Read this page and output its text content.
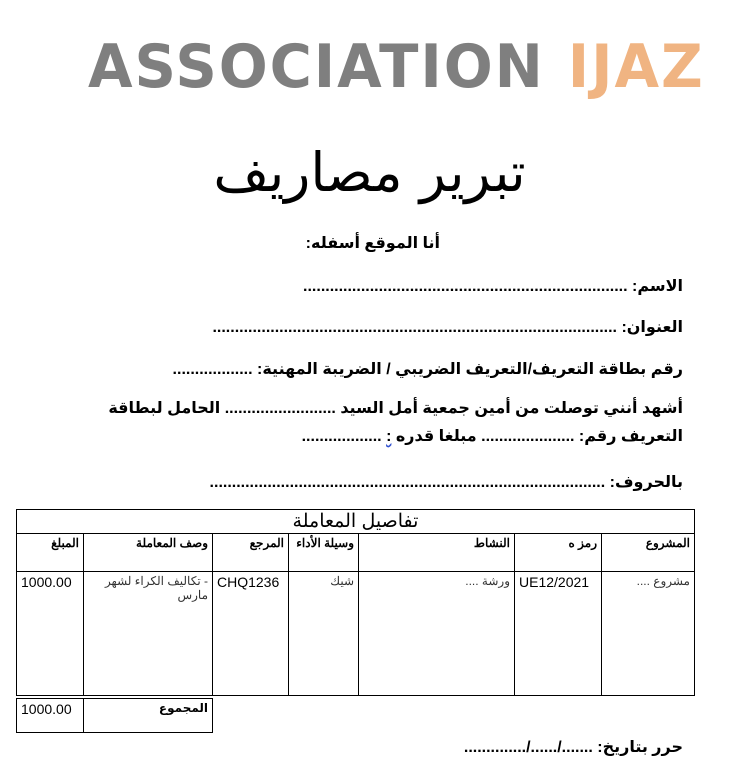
ASSOCIATION IJAZ
تبرير مصاريف
أنا الموقع أسفله:
الاسم: .........................................................................
العنوان: ...........................................................................................
رقم بطاقة التعريف/التعريف الضريبي / الضريبة المهنية: ..................
أشهد أنني توصلت من أمين جمعية أمل السيد ......................... الحامل لبطاقة
التعريف رقم: ..................... مبلغا قدره : ..................
بالحروف: .........................................................................................
تفاصيل المعاملة						
المشروع	رمز ه	النشاط	وسيلة الأداء	المرجع	وصف المعاملة	المبلغ
مشروع ....	UE12/2021	ورشة ....	شيك	CHQ1236	- تكاليف الكراء لشهر مارس	1000.00
المجموع	1000.00
حرر بتاريخ: ......./....../..............
